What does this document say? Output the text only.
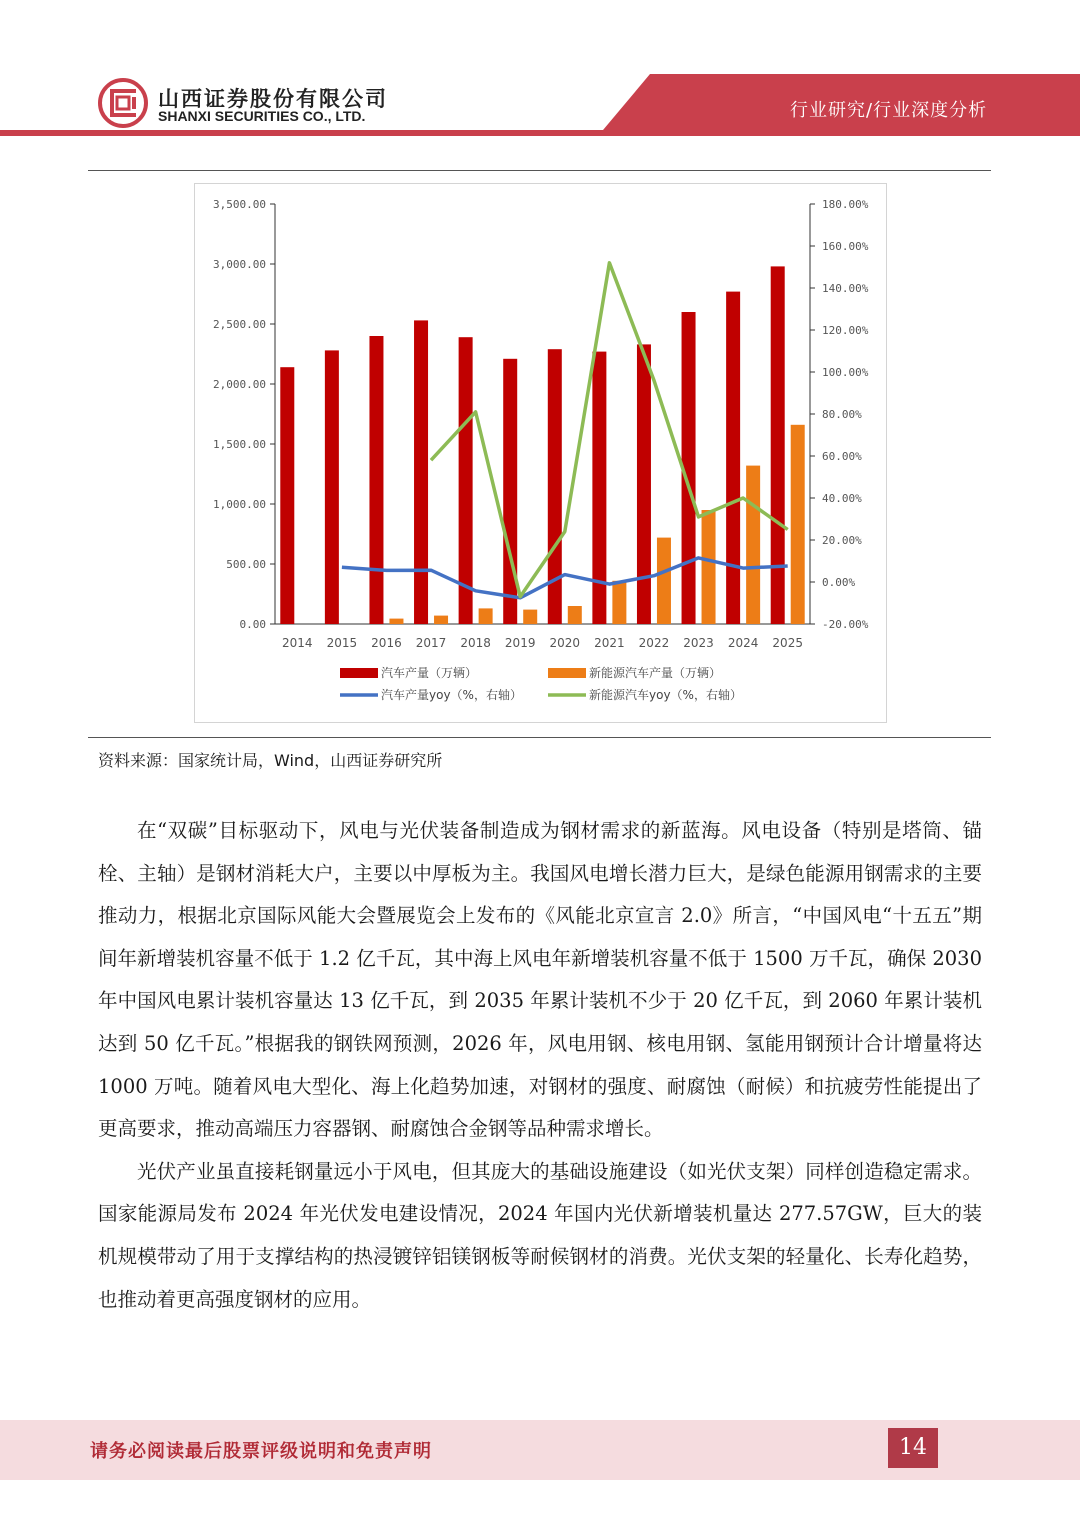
山西证券股份有限公司
SHANXI SECURITIES CO., LTD.	行业研究/行业深度分析
0.00
500.00
1,000.00
1,500.00
2,000.00
2,500.00
3,000.00
3,500.00
-20.00%
0.00%
20.00%
40.00%
60.00%
80.00%
100.00%
120.00%
140.00%
160.00%
180.00%
2014 2015 2016 2017 2018 2019 2020 2021 2022 2023 2024 2025
汽车产量（万辆）	新能源汽车产量（万辆）
汽车产量yoy（%，右轴）	新能源汽车yoy（%，右轴）
资料来源：国家统计局，Wind，山西证券研究所

在“双碳”目标驱动下，风电与光伏装备制造成为钢材需求的新蓝海。风电设备（特别是塔筒、锚栓、主轴）是钢材消耗大户，主要以中厚板为主。我国风电增长潜力巨大，是绿色能源用钢需求的主要推动力，根据北京国际风能大会暨展览会上发布的《风能北京宣言 2.0》所言，“中国风电“十五五”期间年新增装机容量不低于 1.2 亿千瓦，其中海上风电年新增装机容量不低于 1500 万千瓦，确保 2030 年中国风电累计装机容量达 13 亿千瓦，到 2035 年累计装机不少于 20 亿千瓦，到 2060 年累计装机达到 50 亿千瓦。”根据我的钢铁网预测，2026 年，风电用钢、核电用钢、氢能用钢预计合计增量将达 1000 万吨。随着风电大型化、海上化趋势加速，对钢材的强度、耐腐蚀（耐候）和抗疲劳性能提出了更高要求，推动高端压力容器钢、耐腐蚀合金钢等品种需求增长。

光伏产业虽直接耗钢量远小于风电，但其庞大的基础设施建设（如光伏支架）同样创造稳定需求。国家能源局发布 2024 年光伏发电建设情况，2024 年国内光伏新增装机量达 277.57GW，巨大的装机规模带动了用于支撑结构的热浸镀锌铝镁钢板等耐候钢材的消费。光伏支架的轻量化、长寿化趋势，也推动着更高强度钢材的应用。

请务必阅读最后股票评级说明和免责声明	14
